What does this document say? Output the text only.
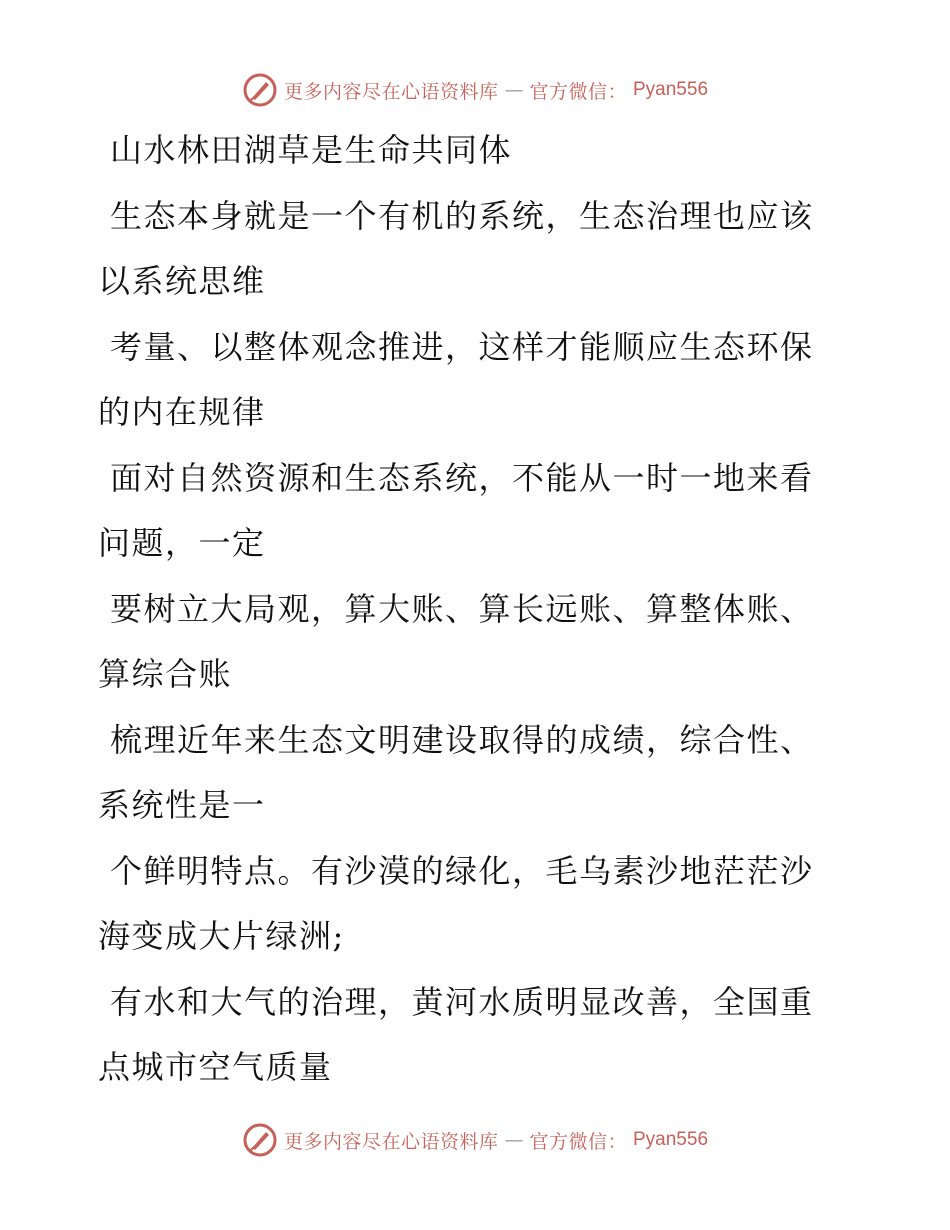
更多内容尽在心语资料库 — 官方微信： Pyan556

山水林田湖草是生命共同体

生态本身就是一个有机的系统，生态治理也应该以系统思维

考量、以整体观念推进，这样才能顺应生态环保的内在规律

面对自然资源和生态系统，不能从一时一地来看问题，一定

要树立大局观，算大账、算长远账、算整体账、算综合账

梳理近年来生态文明建设取得的成绩，综合性、系统性是一

个鲜明特点。有沙漠的绿化，毛乌素沙地茫茫沙海变成大片绿洲;

有水和大气的治理，黄河水质明显改善，全国重点城市空气质量

更多内容尽在心语资料库 — 官方微信： Pyan556
